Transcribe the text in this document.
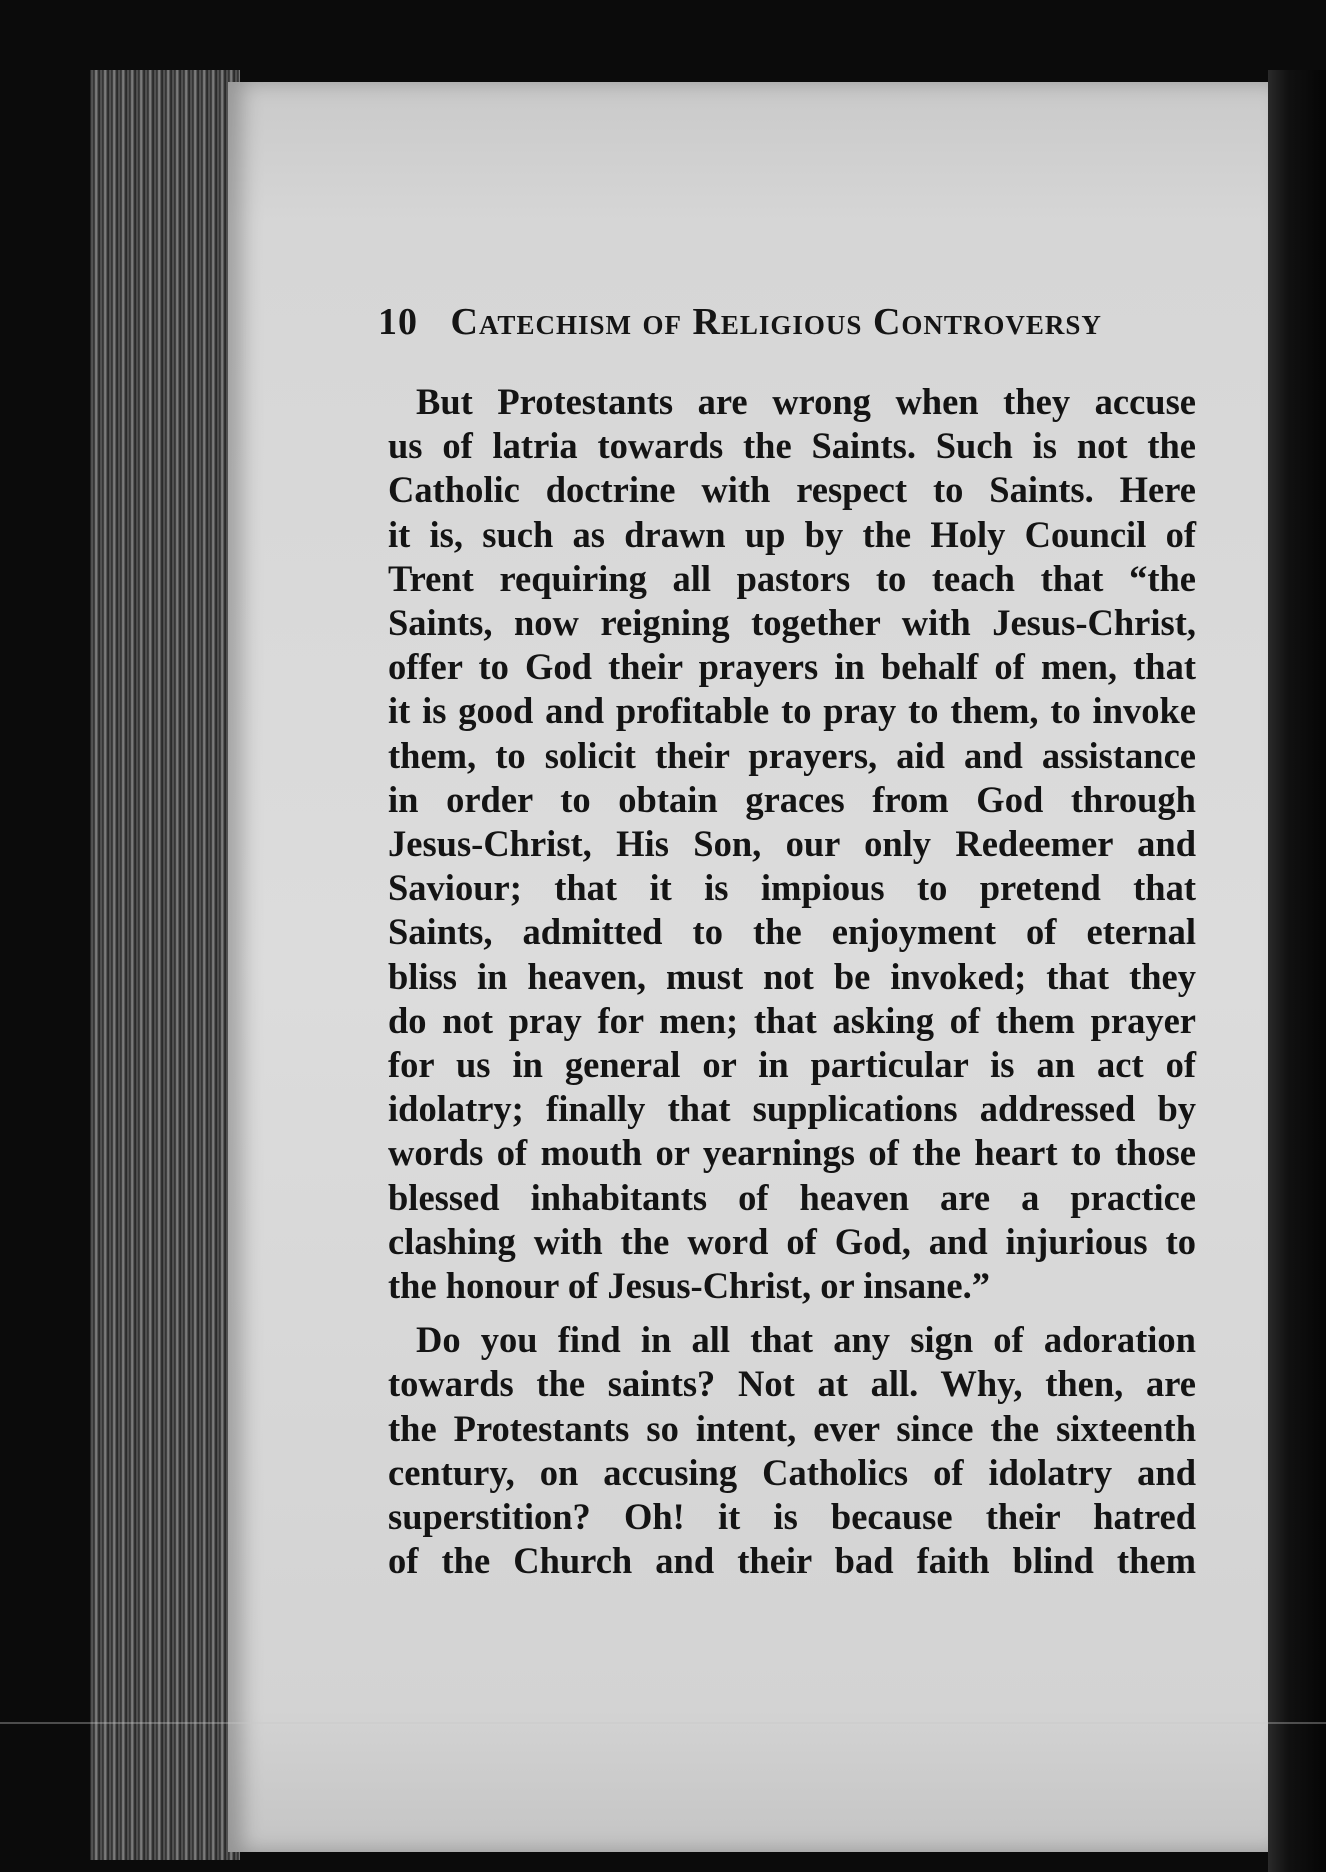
10 Catechism of Religious Controversy
But Protestants are wrong when they accuse
us of latria towards the Saints. Such is not the
Catholic doctrine with respect to Saints. Here
it is, such as drawn up by the Holy Council of
Trent requiring all pastors to teach that “the
Saints, now reigning together with Jesus-Christ,
offer to God their prayers in behalf of men, that
it is good and profitable to pray to them, to invoke
them, to solicit their prayers, aid and assistance
in order to obtain graces from God through
Jesus-Christ, His Son, our only Redeemer and
Saviour; that it is impious to pretend that
Saints, admitted to the enjoyment of eternal
bliss in heaven, must not be invoked; that they
do not pray for men; that asking of them prayer
for us in general or in particular is an act of
idolatry; finally that supplications addressed by
words of mouth or yearnings of the heart to those
blessed inhabitants of heaven are a practice
clashing with the word of God, and injurious to
the honour of Jesus-Christ, or insane.”
Do you find in all that any sign of adoration
towards the saints? Not at all. Why, then, are
the Protestants so intent, ever since the sixteenth
century, on accusing Catholics of idolatry and
superstition? Oh! it is because their hatred
of the Church and their bad faith blind them
